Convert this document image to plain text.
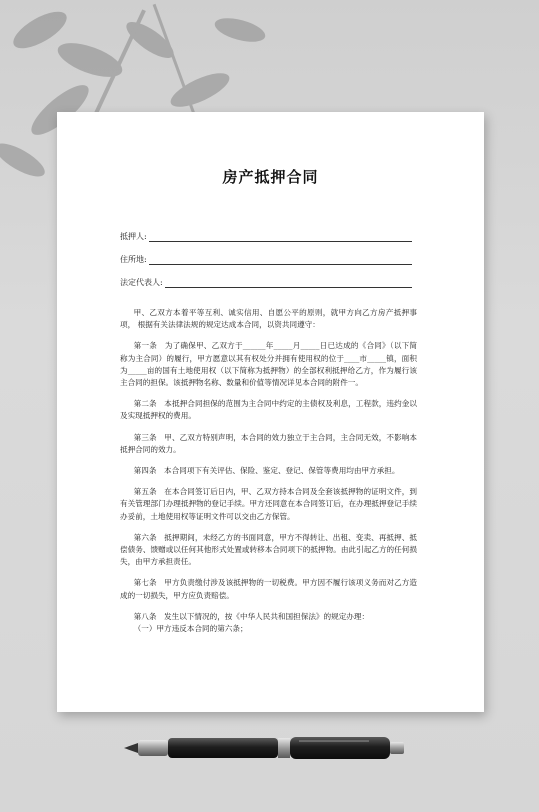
房产抵押合同
抵押人:
住所地:
法定代表人:

甲、乙双方本着平等互利、诚实信用、自愿公平的原则，就甲方向乙方房产抵押事项， 根据有关法律法规的规定达成本合同，以资共同遵守：

第一条　为了确保甲、乙双方于______年_____月_____日已达成的《合同》（以下简称为主合同）的履行，甲方愿意以其有权处分并拥有使用权的位于____市_____镇，面积为_____亩的国有土地使用权（以下简称为抵押物）的全部权利抵押给乙方，作为履行该主合同的担保。该抵押物名称、数量和价值等情况详见本合同的附件一。

第二条　本抵押合同担保的范围为主合同中约定的主债权及利息，工程款，违约金以及实现抵押权的费用。

第三条　甲、乙双方特别声明，本合同的效力独立于主合同，主合同无效，不影响本抵押合同的效力。

第四条　本合同项下有关评估、保险、鉴定、登记、保管等费用均由甲方承担。

第五条　在本合同签订后日内，甲、乙双方持本合同及全套该抵押物的证明文件，到有关管理部门办理抵押物的登记手续。甲方还同意在本合同签订后，在办理抵押登记手续办妥前，土地使用权等证明文件可以交由乙方保管。

第六条　抵押期间，未经乙方的书面同意，甲方不得转让、出租、变卖、再抵押、抵偿债务、馈赠或以任何其他形式处置或转移本合同项下的抵押物。由此引起乙方的任何损失，由甲方承担责任。

第七条　甲方负责缴付涉及该抵押物的一切税费。甲方因不履行该项义务而对乙方造成的一切损失，甲方应负责赔偿。

第八条　发生以下情况的，按《中华人民共和国担保法》的规定办理：

（一）甲方违反本合同的第六条；
